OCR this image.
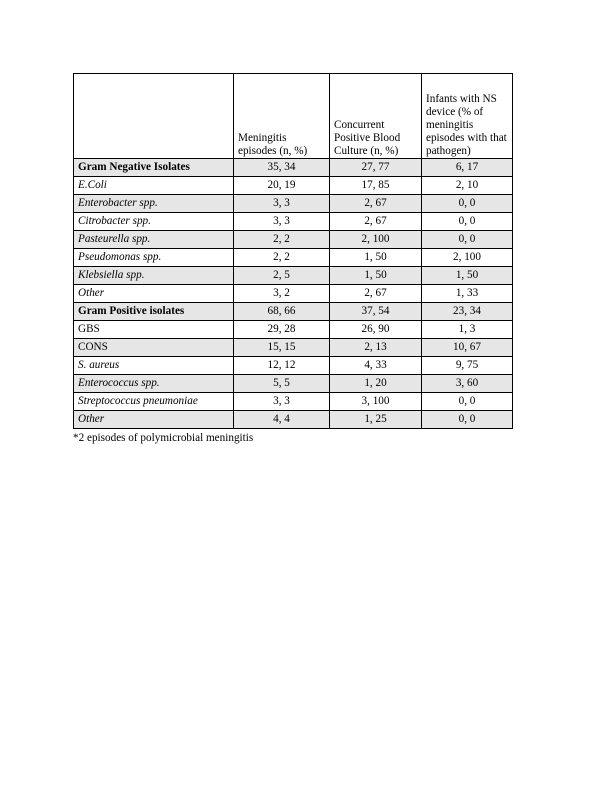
	Meningitis episodes (n, %)	Concurrent Positive Blood Culture (n, %)	Infants with NS device (% of meningitis episodes with that pathogen)
Gram Negative Isolates	35, 34	27, 77	6, 17
E.Coli	20, 19	17, 85	2, 10
Enterobacter spp.	3, 3	2, 67	0, 0
Citrobacter spp.	3, 3	2, 67	0, 0
Pasteurella spp.	2, 2	2, 100	0, 0
Pseudomonas spp.	2, 2	1, 50	2, 100
Klebsiella spp.	2, 5	1, 50	1, 50
Other	3, 2	2, 67	1, 33
Gram Positive isolates	68, 66	37, 54	23, 34
GBS	29, 28	26, 90	1, 3
CONS	15, 15	2, 13	10, 67
S. aureus	12, 12	4, 33	9, 75
Enterococcus spp.	5, 5	1, 20	3, 60
Streptococcus pneumoniae	3, 3	3, 100	0, 0
Other	4, 4	1, 25	0, 0
*2 episodes of polymicrobial meningitis
